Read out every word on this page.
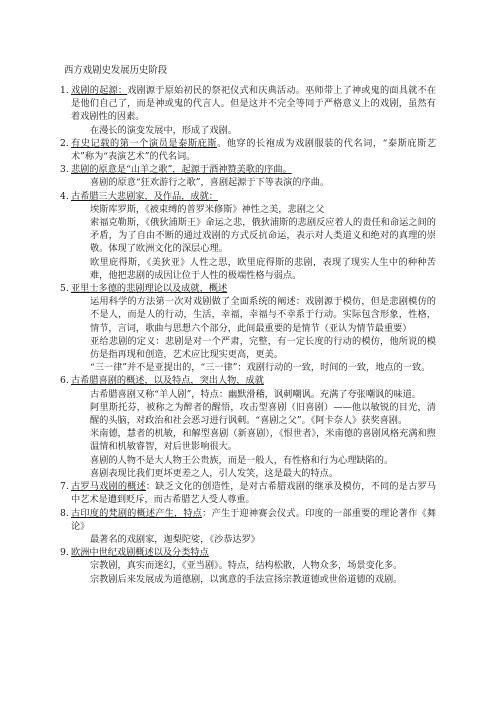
西方戏剧史发展历史阶段
1. 戏剧的起源：戏剧源于原始初民的祭祀仪式和庆典活动。巫师带上了神或鬼的面具就不在是他们自己了，而是神或鬼的代言人。但是这并不完全等同于严格意义上的戏剧，虽然有着戏剧性的因素。
在漫长的演变发展中，形成了戏剧。
2. 有史记载的第一个演员是泰斯庇斯。他穿的长袍成为戏剧服装的代名词，“泰斯庇斯艺术”称为“表演艺术”的代名词。
3. 悲剧的原意是“山羊之歌”，起源于酒神赞美歌的序曲。
喜剧的原意“狂欢游行之歌”，喜剧起源于下等表演的序曲。
4. 古希腊三大悲剧家，及作品，成就：
埃斯库罗斯，《被束缚的普罗米修斯》神性之美，悲剧之父
索福克勒斯，《俄狄浦斯王》命运之悲，俄狄浦斯的悲剧反应着人的责任和命运之间的矛盾，为了自由不断的通过戏剧的方式反抗命运，表示对人类道义和绝对的真理的崇敬。体现了欧洲文化的深层心理。
欧里庇得斯，《美狄亚》人性之思，欧里庇得斯的悲剧，表现了现实人生中的种种苦难，他把悲剧的成因让位于人性的极端性格与弱点。
5. 亚里士多德的悲剧理论以及成就，概述
运用科学的方法第一次对戏剧做了全面系统的阐述：戏剧源于模仿，但是悲剧模仿的不是人，而是人的行动，生活，幸福，幸福与不幸系于行动。实际包含形象，性格，情节，言词，歌曲与思想六个部分，此间最重要的是情节（亚认为情节最重要）
亚给悲剧的定义：悲剧是对一个严肃，完整，有一定长度的行动的模仿，他所说的模仿是指再现和创造，艺术应比现实更高，更美。
“三一律”并不是亚提出的，“三一律”：戏剧行动的一致，时间的一致，地点的一致。
6. 古希腊喜剧的概述，以及特点，突出人物，成就
古希腊喜剧又称“羊人剧”，特点：幽默滑稽，讽刺嘲讽。充满了夸张嘲讽的味道。
阿里斯托芬，被称之为醉者的醒悟，攻击型喜剧（旧喜剧）——他以敏锐的目光，清醒的头脑，对政治和社会恶习进行讽刺。“喜剧之父”。《阿卡奈人》获奖喜剧。
米南德，慧者的机敏，和解型喜剧（新喜剧），《恨世者》，米南德的喜剧风格充满和煦温情和机敏睿智，对后世影响很大。
喜剧的人物不是大人物王公贵族，而是一般人，有性格和行为心理缺陷的。
喜剧表现比我们更坏更差之人，引人发笑，这是最大的特点。
7. 古罗马戏剧的概述：缺乏文化的创造性，是对古希腊戏剧的继承及模仿，不同的是古罗马中艺术是遭到贬斥，而古希腊艺人受人尊重。
8. 古印度的梵剧的概述产生，特点：产生于迎神赛会仪式。印度的一部重要的理论著作《舞论》
最著名的戏剧家，迦梨陀娑，《沙恭达罗》
9. 欧洲中世纪戏剧概述以及分类特点
宗教剧，真实而迷幻，《亚当剧》。特点，结构松散，人物众多，场景变化多。
宗教剧后来发展成为道德剧，以寓意的手法宣扬宗教道德或世俗道德的戏剧。
